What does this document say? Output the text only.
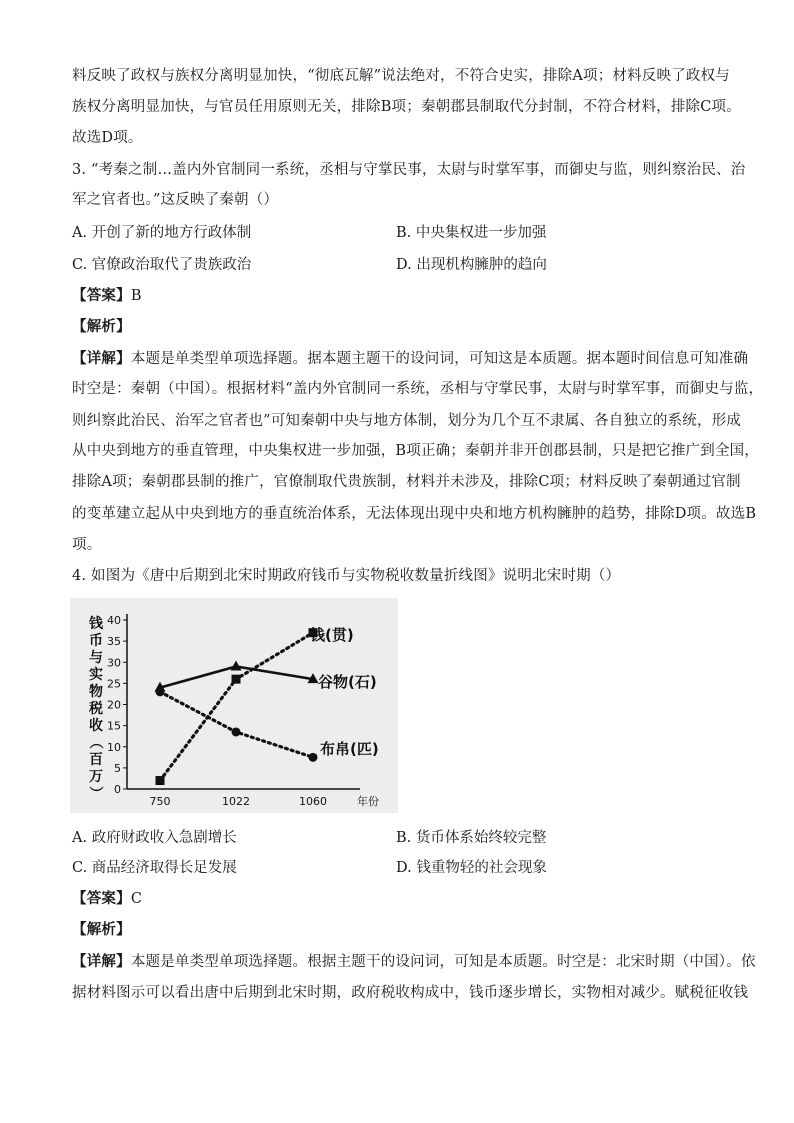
料反映了政权与族权分离明显加快，“彻底瓦解”说法绝对，不符合史实，排除A项；材料反映了政权与
族权分离明显加快，与官员任用原则无关，排除B项；秦朝郡县制取代分封制，不符合材料，排除C项。
故选D项。
3. “考秦之制…盖内外官制同一系统，丞相与守掌民事，太尉与时掌军事，而御史与监，则纠察治民、治
军之官者也。”这反映了秦朝（）
A. 开创了新的地方行政体制	B. 中央集权进一步加强
C. 官僚政治取代了贵族政治	D. 出现机构臃肿的趋向
【答案】B
【解析】
【详解】本题是单类型单项选择题。据本题主题干的设问词，可知这是本质题。据本题时间信息可知准确
时空是：秦朝（中国）。根据材料“盖内外官制同一系统，丞相与守掌民事，太尉与时掌军事，而御史与监，
则纠察此治民、治军之官者也”可知秦朝中央与地方体制，划分为几个互不隶属、各自独立的系统，形成
从中央到地方的垂直管理，中央集权进一步加强，B项正确；秦朝并非开创郡县制，只是把它推广到全国，
排除A项；秦朝郡县制的推广，官僚制取代贵族制，材料并未涉及，排除C项；材料反映了秦朝通过官制
的变革建立起从中央到地方的垂直统治体系，无法体现出现中央和地方机构臃肿的趋势，排除D项。故选B
项。
4. 如图为《唐中后期到北宋时期政府钱币与实物税收数量折线图》说明北宋时期（）
0
5
10
15
20
25
30
35
40
750	1022	1060	年份
钱
币
与
实
物
税
收
（
百
万
）
钱(贯)
谷物(石)
布帛(匹)
A. 政府财政收入急剧增长	B. 货币体系始终较完整
C. 商品经济取得长足发展	D. 钱重物轻的社会现象
【答案】C
【解析】
【详解】本题是单类型单项选择题。根据主题干的设问词，可知是本质题。时空是：北宋时期（中国）。依
据材料图示可以看出唐中后期到北宋时期，政府税收构成中，钱币逐步增长，实物相对减少。赋税征收钱
